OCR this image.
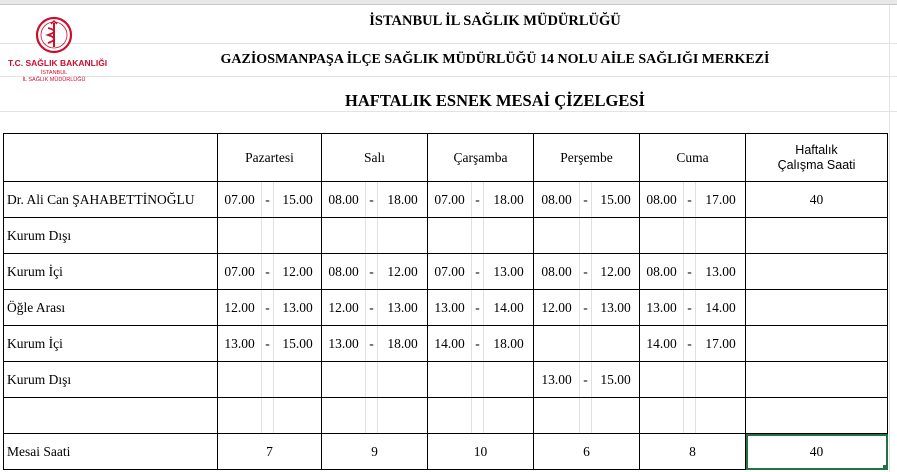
T.C. SAĞLIK BAKANLIĞI
İSTANBUL
İL SAĞLIK MÜDÜRLÜĞÜ
İSTANBUL İL SAĞLIK MÜDÜRLÜĞÜ
GAZİOSMANPAŞA İLÇE SAĞLIK MÜDÜRLÜĞÜ 14 NOLU AİLE SAĞLIĞI MERKEZİ
HAFTALIK ESNEK MESAİ ÇİZELGESİ
	Pazartesi			Salı			Çarşamba			Perşembe			Cuma			Haftalık
Çalışma Saati

Dr. Ali Can ŞAHABETTİNOĞLU	07.00	-	15.00	08.00	-	18.00	07.00	-	18.00	08.00	-	15.00	08.00	-	17.00	40
Kurum Dışı																
Kurum İçi	07.00	-	12.00	08.00	-	12.00	07.00	-	13.00	08.00	-	12.00	08.00	-	13.00	
Öğle Arası	12.00	-	13.00	12.00	-	13.00	13.00	-	14.00	12.00	-	13.00	13.00	-	14.00	
Kurum İçi	13.00	-	15.00	13.00	-	18.00	14.00	-	18.00				14.00	-	17.00	
Kurum Dışı										13.00	-	15.00				

Mesai Saati	7			9			10			6			8			40
